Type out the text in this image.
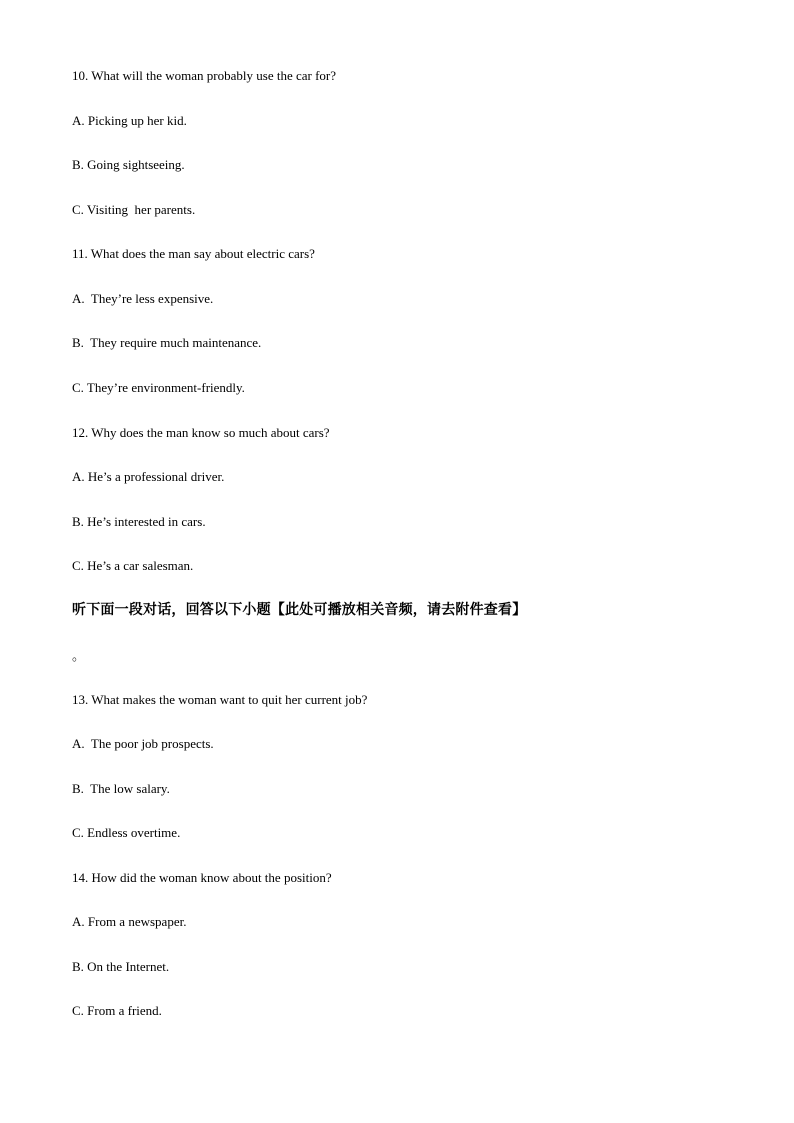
10. What will the woman probably use the car for?
A. Picking up her kid.
B. Going sightseeing.
C. Visiting  her parents.
11. What does the man say about electric cars?
A.  They’re less expensive.
B.  They require much maintenance.
C. They’re environment-friendly.
12. Why does the man know so much about cars?
A. He’s a professional driver.
B. He’s interested in cars.
C. He’s a car salesman.
听下面一段对话，回答以下小题【此处可播放相关音频，请去附件查看】
。
13. What makes the woman want to quit her current job?
A.  The poor job prospects.
B.  The low salary.
C. Endless overtime.
14. How did the woman know about the position?
A. From a newspaper.
B. On the Internet.
C. From a friend.
